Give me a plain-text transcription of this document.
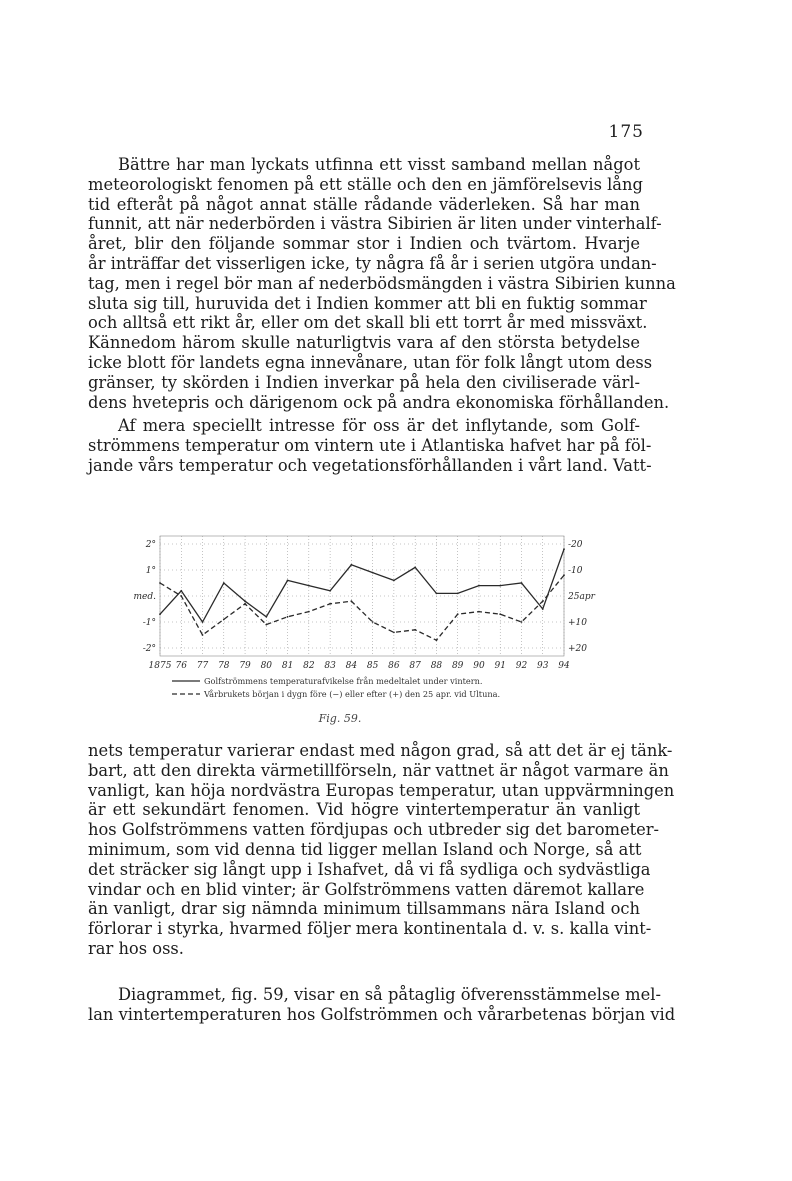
175

Bättre har man lyckats utfinna ett visst samband mellan något
meteorologiskt fenomen på ett ställe och den en jämförelsevis lång
tid efteråt på något annat ställe rådande väderleken. Så har man
funnit, att när nederbörden i västra Sibirien är liten under vinterhalf-
året, blir den följande sommar stor i Indien och tvärtom. Hvarje
år inträffar det visserligen icke, ty några få år i serien utgöra undan-
tag, men i regel bör man af nederbödsmängden i västra Sibirien kunna
sluta sig till, huruvida det i Indien kommer att bli en fuktig sommar
och alltså ett rikt år, eller om det skall bli ett torrt år med missväxt.
Kännedom härom skulle naturligtvis vara af den största betydelse
icke blott för landets egna innevånare, utan för folk långt utom dess
gränser, ty skörden i Indien inverkar på hela den civiliserade värl-
dens hvetepris och därigenom ock på andra ekonomiska förhållanden.

Af mera speciellt intresse för oss är det inflytande, som Golf-
strömmens temperatur om vintern ute i Atlantiska hafvet har på föl-
jande vårs temperatur och vegetationsförhållanden i vårt land. Vatt-

nets temperatur varierar endast med någon grad, så att det är ej tänk-
bart, att den direkta värmetillförseln, när vattnet är något varmare än
vanligt, kan höja nordvästra Europas temperatur, utan uppvärmningen
är ett sekundärt fenomen. Vid högre vintertemperatur än vanligt
hos Golfströmmens vatten fördjupas och utbreder sig det barometer-
minimum, som vid denna tid ligger mellan Island och Norge, så att
det sträcker sig långt upp i Ishafvet, då vi få sydliga och sydvästliga
vindar och en blid vinter; är Golfströmmens vatten däremot kallare
än vanligt, drar sig nämnda minimum tillsammans nära Island och
förlorar i styrka, hvarmed följer mera kontinentala d. v. s. kalla vint-
rar hos oss.

Diagrammet, fig. 59, visar en så påtaglig öfverensstämmelse mel-
lan vintertemperaturen hos Golfströmmen och vårarbetenas början vid

2°
1°
med.
-1°
-2°
-20
-10
25apr
+10
+20
1875 76 77 78 79 80 81 82 83 84 85 86 87 88 89 90 91 92 93 94
Golfströmmens temperaturafvikelse från medeltalet under vintern.
Vårbrukets början i dygn före (−) eller efter (+) den 25 apr. vid Ultuna.
Fig. 59.
